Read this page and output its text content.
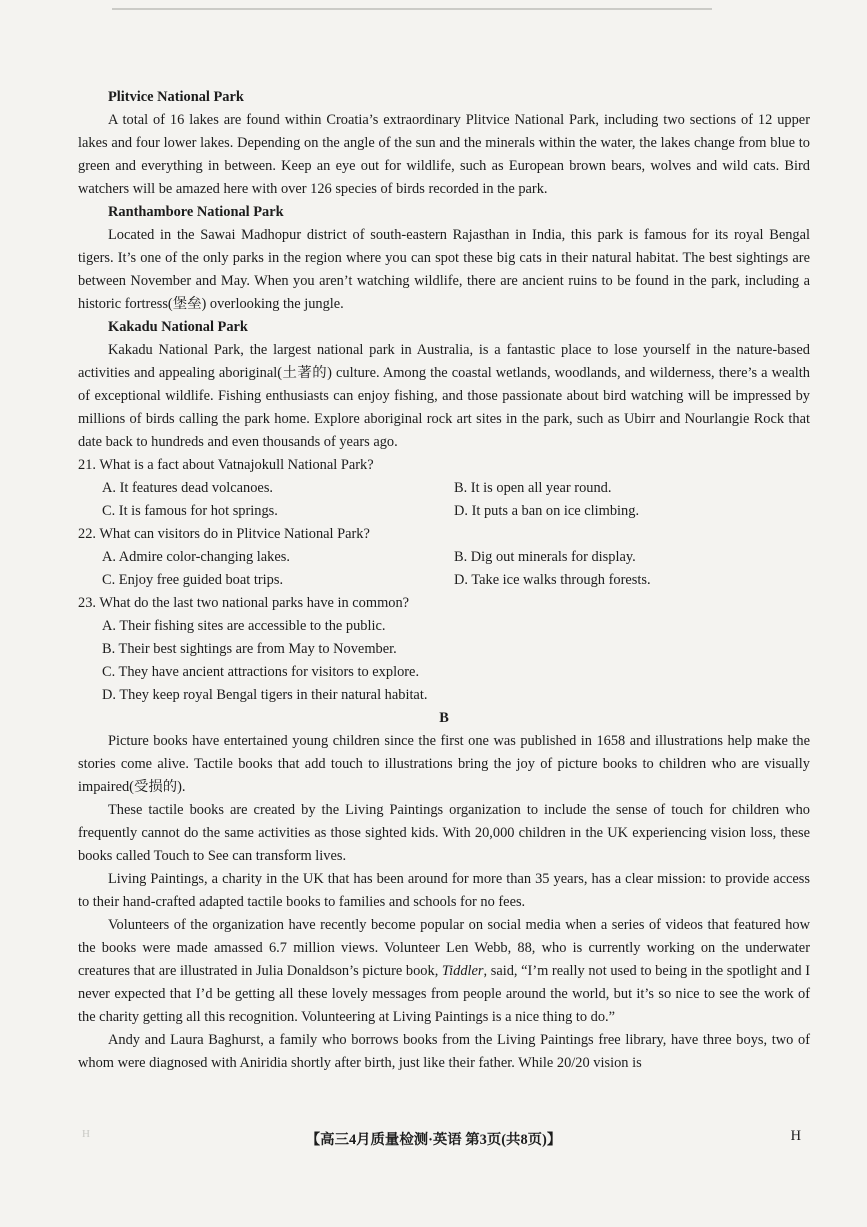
Plitvice National Park

A total of 16 lakes are found within Croatia’s extraordinary Plitvice National Park, including two sections of 12 upper lakes and four lower lakes. Depending on the angle of the sun and the minerals within the water, the lakes change from blue to green and everything in between. Keep an eye out for wildlife, such as European brown bears, wolves and wild cats. Bird watchers will be amazed here with over 126 species of birds recorded in the park.

Ranthambore National Park

Located in the Sawai Madhopur district of south-eastern Rajasthan in India, this park is famous for its royal Bengal tigers. It’s one of the only parks in the region where you can spot these big cats in their natural habitat. The best sightings are between November and May. When you aren’t watching wildlife, there are ancient ruins to be found in the park, including a historic fortress(堡垒) overlooking the jungle.

Kakadu National Park

Kakadu National Park, the largest national park in Australia, is a fantastic place to lose yourself in the nature-based activities and appealing aboriginal(土著的) culture. Among the coastal wetlands, woodlands, and wilderness, there’s a wealth of exceptional wildlife. Fishing enthusiasts can enjoy fishing, and those passionate about bird watching will be impressed by millions of birds calling the park home. Explore aboriginal rock art sites in the park, such as Ubirr and Nourlangie Rock that date back to hundreds and even thousands of years ago.

21. What is a fact about Vatnajokull National Park?

A. It features dead volcanoes.	B. It is open all year round.

C. It is famous for hot springs.	D. It puts a ban on ice climbing.

22. What can visitors do in Plitvice National Park?

A. Admire color-changing lakes.	B. Dig out minerals for display.

C. Enjoy free guided boat trips.	D. Take ice walks through forests.

23. What do the last two national parks have in common?

A. Their fishing sites are accessible to the public.

B. Their best sightings are from May to November.

C. They have ancient attractions for visitors to explore.

D. They keep royal Bengal tigers in their natural habitat.

B

Picture books have entertained young children since the first one was published in 1658 and illustrations help make the stories come alive. Tactile books that add touch to illustrations bring the joy of picture books to children who are visually impaired(受损的).

These tactile books are created by the Living Paintings organization to include the sense of touch for children who frequently cannot do the same activities as those sighted kids. With 20,000 children in the UK experiencing vision loss, these books called Touch to See can transform lives.

Living Paintings, a charity in the UK that has been around for more than 35 years, has a clear mission: to provide access to their hand-crafted adapted tactile books to families and schools for no fees.

Volunteers of the organization have recently become popular on social media when a series of videos that featured how the books were made amassed 6.7 million views. Volunteer Len Webb, 88, who is currently working on the underwater creatures that are illustrated in Julia Donaldson’s picture book, Tiddler, said, “I’m really not used to being in the spotlight and I never expected that I’d be getting all these lovely messages from people around the world, but it’s so nice to see the work of the charity getting all this recognition. Volunteering at Living Paintings is a nice thing to do.”

Andy and Laura Baghurst, a family who borrows books from the Living Paintings free library, have three boys, two of whom were diagnosed with Aniridia shortly after birth, just like their father. While 20/20 vision is

H	【高三4月质量检测·英语 第3页(共8页)】	H
